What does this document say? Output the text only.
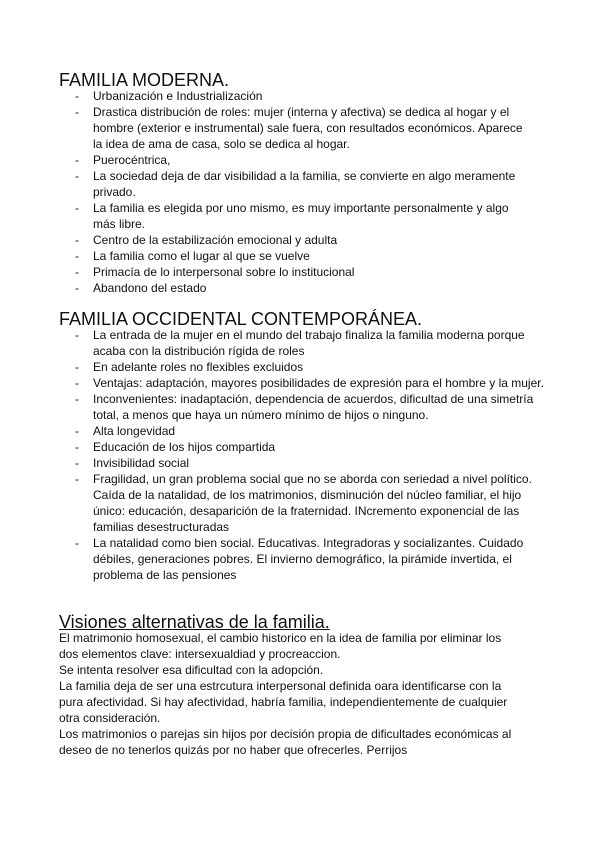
FAMILIA MODERNA.
- Urbanización e Industrialización
- Drastica distribución de roles: mujer (interna y afectiva) se dedica al hogar y el hombre (exterior e instrumental) sale fuera, con resultados económicos. Aparece la idea de ama de casa, solo se dedica al hogar.
- Puerocéntrica,
- La sociedad deja de dar visibilidad a la familia, se convierte en algo meramente privado.
- La familia es elegida por uno mismo, es muy importante personalmente y algo más libre.
- Centro de la estabilización emocional y adulta
- La familia como el lugar al que se vuelve
- Primacía de lo interpersonal sobre lo institucional
- Abandono del estado
FAMILIA OCCIDENTAL CONTEMPORÁNEA.
- La entrada de la mujer en el mundo del trabajo finaliza la familia moderna porque acaba con la distribución rígida de roles
- En adelante roles no flexibles excluidos
- Ventajas: adaptación, mayores posibilidades de expresión para el hombre y la mujer.
- Inconvenientes: inadaptación, dependencia de acuerdos, dificultad de una simetría total, a menos que haya un número mínimo de hijos o ninguno.
- Alta longevidad
- Educación de los hijos compartida
- Invisibilidad social
- Fragilidad, un gran problema social que no se aborda con seriedad a nivel político. Caída de la natalidad, de los matrimonios, disminución del núcleo familiar, el hijo único: educación, desaparición de la fraternidad. INcremento exponencial de las familias desestructuradas
- La natalidad como bien social. Educativas. Integradoras y socializantes. Cuidado débiles, generaciones pobres. El invierno demográfico, la pirámide invertida, el problema de las pensiones
Visiones alternativas de la familia.

El matrimonio homosexual, el cambio historico en la idea de familia por eliminar los dos elementos clave: intersexualdiad y procreaccion.

Se intenta resolver esa dificultad con la adopción.

La familia deja de ser una estrcutura interpersonal definida oara identificarse con la pura afectividad. Si hay afectividad, habría familia, independientemente de cualquier otra consideración.

Los matrimonios o parejas sin hijos por decisión propia de dificultades económicas al deseo de no tenerlos quizás por no haber que ofrecerles. Perrijos
